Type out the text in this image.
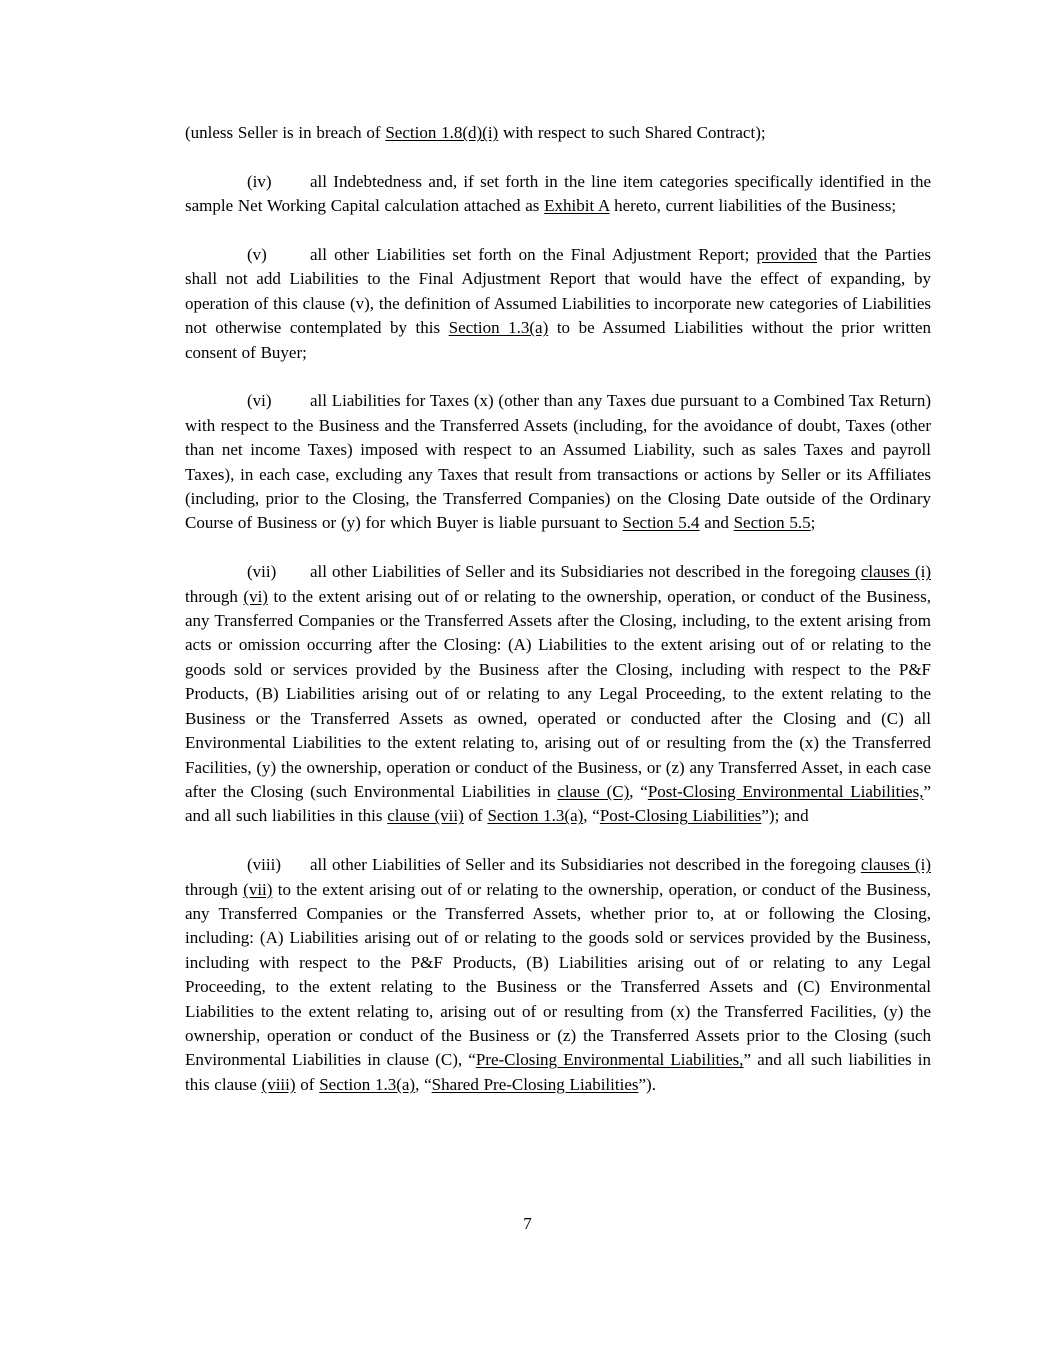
(unless Seller is in breach of Section 1.8(d)(i) with respect to such Shared Contract);

(iv) all Indebtedness and, if set forth in the line item categories specifically identified in the sample Net Working Capital calculation attached as Exhibit A hereto, current liabilities of the Business;

(v)	all other Liabilities set forth on the Final Adjustment Report; provided that the Parties shall not add Liabilities to the Final Adjustment Report that would have the effect of expanding, by operation of this clause (v), the definition of Assumed Liabilities to incorporate new categories of Liabilities not otherwise contemplated by this Section 1.3(a) to be Assumed Liabilities without the prior written consent of Buyer;

(vi) all Liabilities for Taxes (x) (other than any Taxes due pursuant to a Combined Tax Return) with respect to the Business and the Transferred Assets (including, for the avoidance of doubt, Taxes (other than net income Taxes) imposed with respect to an Assumed Liability, such as sales Taxes and payroll Taxes), in each case, excluding any Taxes that result from transactions or actions by Seller or its Affiliates (including, prior to the Closing, the Transferred Companies) on the Closing Date outside of the Ordinary Course of Business or (y) for which Buyer is liable pursuant to Section 5.4 and Section 5.5;

(vii) all other Liabilities of Seller and its Subsidiaries not described in the foregoing clauses (i) through (vi) to the extent arising out of or relating to the ownership, operation, or conduct of the Business, any Transferred Companies or the Transferred Assets after the Closing, including, to the extent arising from acts or omission occurring after the Closing: (A) Liabilities to the extent arising out of or relating to the goods sold or services provided by the Business after the Closing, including with respect to the P&F Products, (B) Liabilities arising out of or relating to any Legal Proceeding, to the extent relating to the Business or the Transferred Assets as owned, operated or conducted after the Closing and (C) all Environmental Liabilities to the extent relating to, arising out of or resulting from the (x) the Transferred Facilities, (y) the ownership, operation or conduct of the Business, or (z) any Transferred Asset, in each case after the Closing (such Environmental Liabilities in clause (C), “Post-Closing Environmental Liabilities,” and all such liabilities in this clause (vii) of Section 1.3(a), “Post-Closing Liabilities”); and

(viii) all other Liabilities of Seller and its Subsidiaries not described in the foregoing clauses (i) through (vii) to the extent arising out of or relating to the ownership, operation, or conduct of the Business, any Transferred Companies or the Transferred Assets, whether prior to, at or following the Closing, including: (A) Liabilities arising out of or relating to the goods sold or services provided by the Business, including with respect to the P&F Products, (B) Liabilities arising out of or relating to any Legal Proceeding, to the extent relating to the Business or the Transferred Assets and (C) Environmental Liabilities to the extent relating to, arising out of or resulting from (x) the Transferred Facilities, (y) the ownership, operation or conduct of the Business or (z) the Transferred Assets prior to the Closing (such Environmental Liabilities in clause (C), “Pre-Closing Environmental Liabilities,” and all such liabilities in this clause (viii) of Section 1.3(a), “Shared Pre-Closing Liabilities”).

7
